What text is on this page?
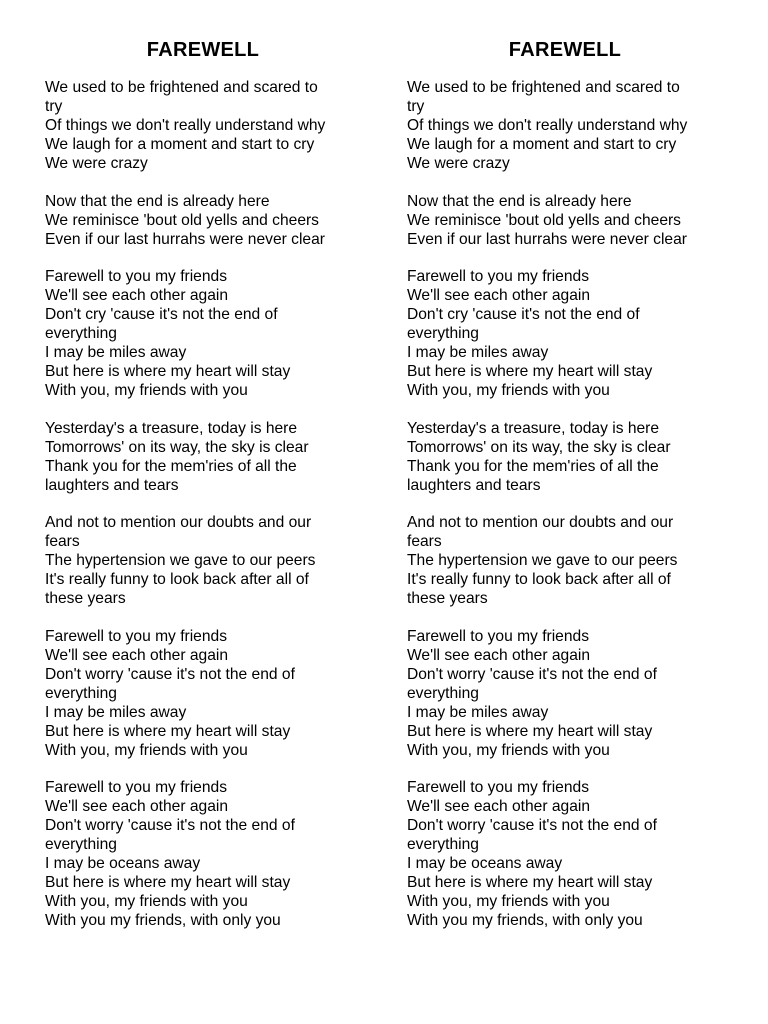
FAREWELL
We used to be frightened and scared to
try
Of things we don't really understand why
We laugh for a moment and start to cry
We were crazy
Now that the end is already here
We reminisce 'bout old yells and cheers
Even if our last hurrahs were never clear
Farewell to you my friends
We'll see each other again
Don't cry 'cause it's not the end of
everything
I may be miles away
But here is where my heart will stay
With you, my friends with you
Yesterday's a treasure, today is here
Tomorrows' on its way, the sky is clear
Thank you for the mem'ries of all the
laughters and tears
And not to mention our doubts and our
fears
The hypertension we gave to our peers
It's really funny to look back after all of
these years
Farewell to you my friends
We'll see each other again
Don't worry 'cause it's not the end of
everything
I may be miles away
But here is where my heart will stay
With you, my friends with you
Farewell to you my friends
We'll see each other again
Don't worry 'cause it's not the end of
everything
I may be oceans away
But here is where my heart will stay
With you, my friends with you
With you my friends, with only you
FAREWELL
We used to be frightened and scared to
try
Of things we don't really understand why
We laugh for a moment and start to cry
We were crazy
Now that the end is already here
We reminisce 'bout old yells and cheers
Even if our last hurrahs were never clear
Farewell to you my friends
We'll see each other again
Don't cry 'cause it's not the end of
everything
I may be miles away
But here is where my heart will stay
With you, my friends with you
Yesterday's a treasure, today is here
Tomorrows' on its way, the sky is clear
Thank you for the mem'ries of all the
laughters and tears
And not to mention our doubts and our
fears
The hypertension we gave to our peers
It's really funny to look back after all of
these years
Farewell to you my friends
We'll see each other again
Don't worry 'cause it's not the end of
everything
I may be miles away
But here is where my heart will stay
With you, my friends with you
Farewell to you my friends
We'll see each other again
Don't worry 'cause it's not the end of
everything
I may be oceans away
But here is where my heart will stay
With you, my friends with you
With you my friends, with only you
